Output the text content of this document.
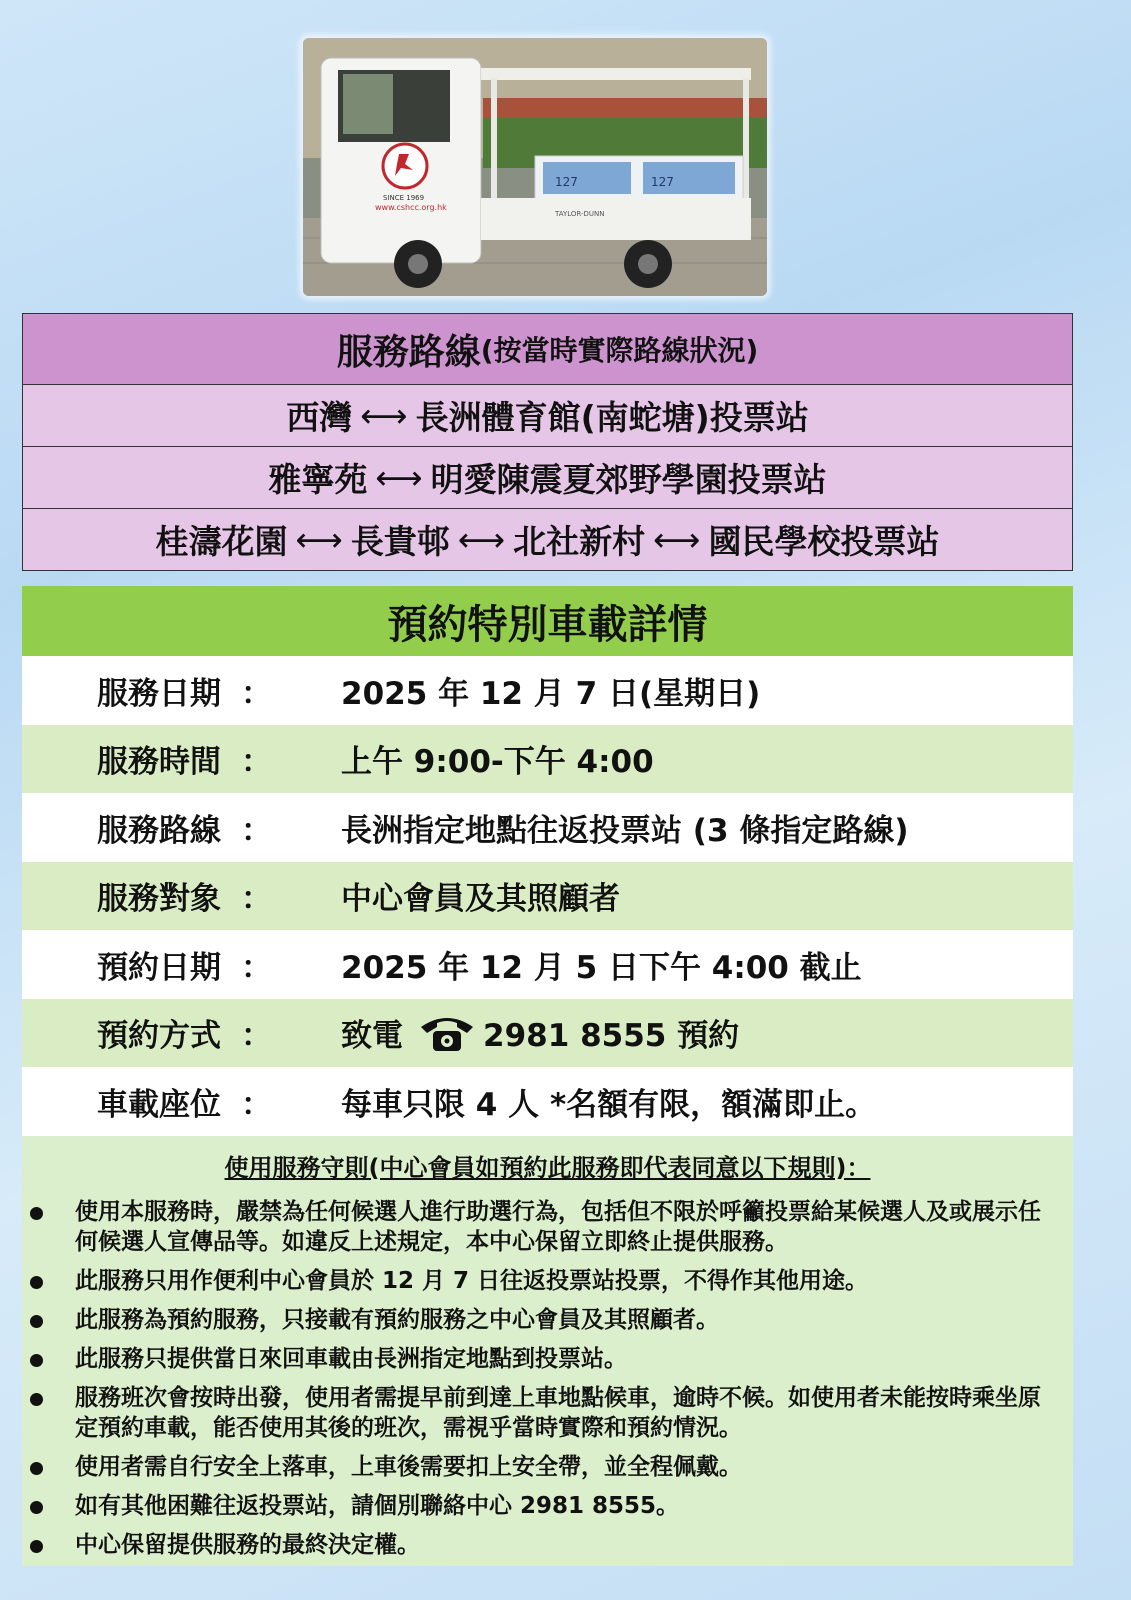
127	127
TAYLOR-DUNN
SINCE 1969
www.cshcc.org.hk
服務路線 (按當時實際路線狀況)
西灣 ⟷ 長洲體育館(南蛇塘)投票站
雅寧苑 ⟷ 明愛陳震夏郊野學園投票站
桂濤花園 ⟷ 長貴邨 ⟷ 北社新村 ⟷ 國民學校投票站
預約特別車載詳情
服務日期 ：	2025 年 12 月 7 日(星期日)
服務時間 ：	上午 9:00-下午 4:00
服務路線 ：	長洲指定地點往返投票站 (3 條指定路線)
服務對象 ：	中心會員及其照顧者
預約日期 ：	2025 年 12 月 5 日下午 4:00 截止
預約方式 ：	致電	2981 8555 預約
車載座位 ：	每車只限 4 人 *名額有限，額滿即止。
使用服務守則(中心會員如預約此服務即代表同意以下規則)：
使用本服務時，嚴禁為任何候選人進行助選行為，包括但不限於呼籲投票給某候選人及或展示任何候選人宣傳品等。如違反上述規定，本中心保留立即終止提供服務。
此服務只用作便利中心會員於 12 月 7 日往返投票站投票，不得作其他用途。
此服務為預約服務，只接載有預約服務之中心會員及其照顧者。
此服務只提供當日來回車載由長洲指定地點到投票站。
服務班次會按時出發，使用者需提早前到達上車地點候車，逾時不候。如使用者未能按時乘坐原定預約車載，能否使用其後的班次，需視乎當時實際和預約情況。
使用者需自行安全上落車，上車後需要扣上安全帶，並全程佩戴。
如有其他困難往返投票站，請個別聯絡中心 2981 8555。
中心保留提供服務的最終決定權。
